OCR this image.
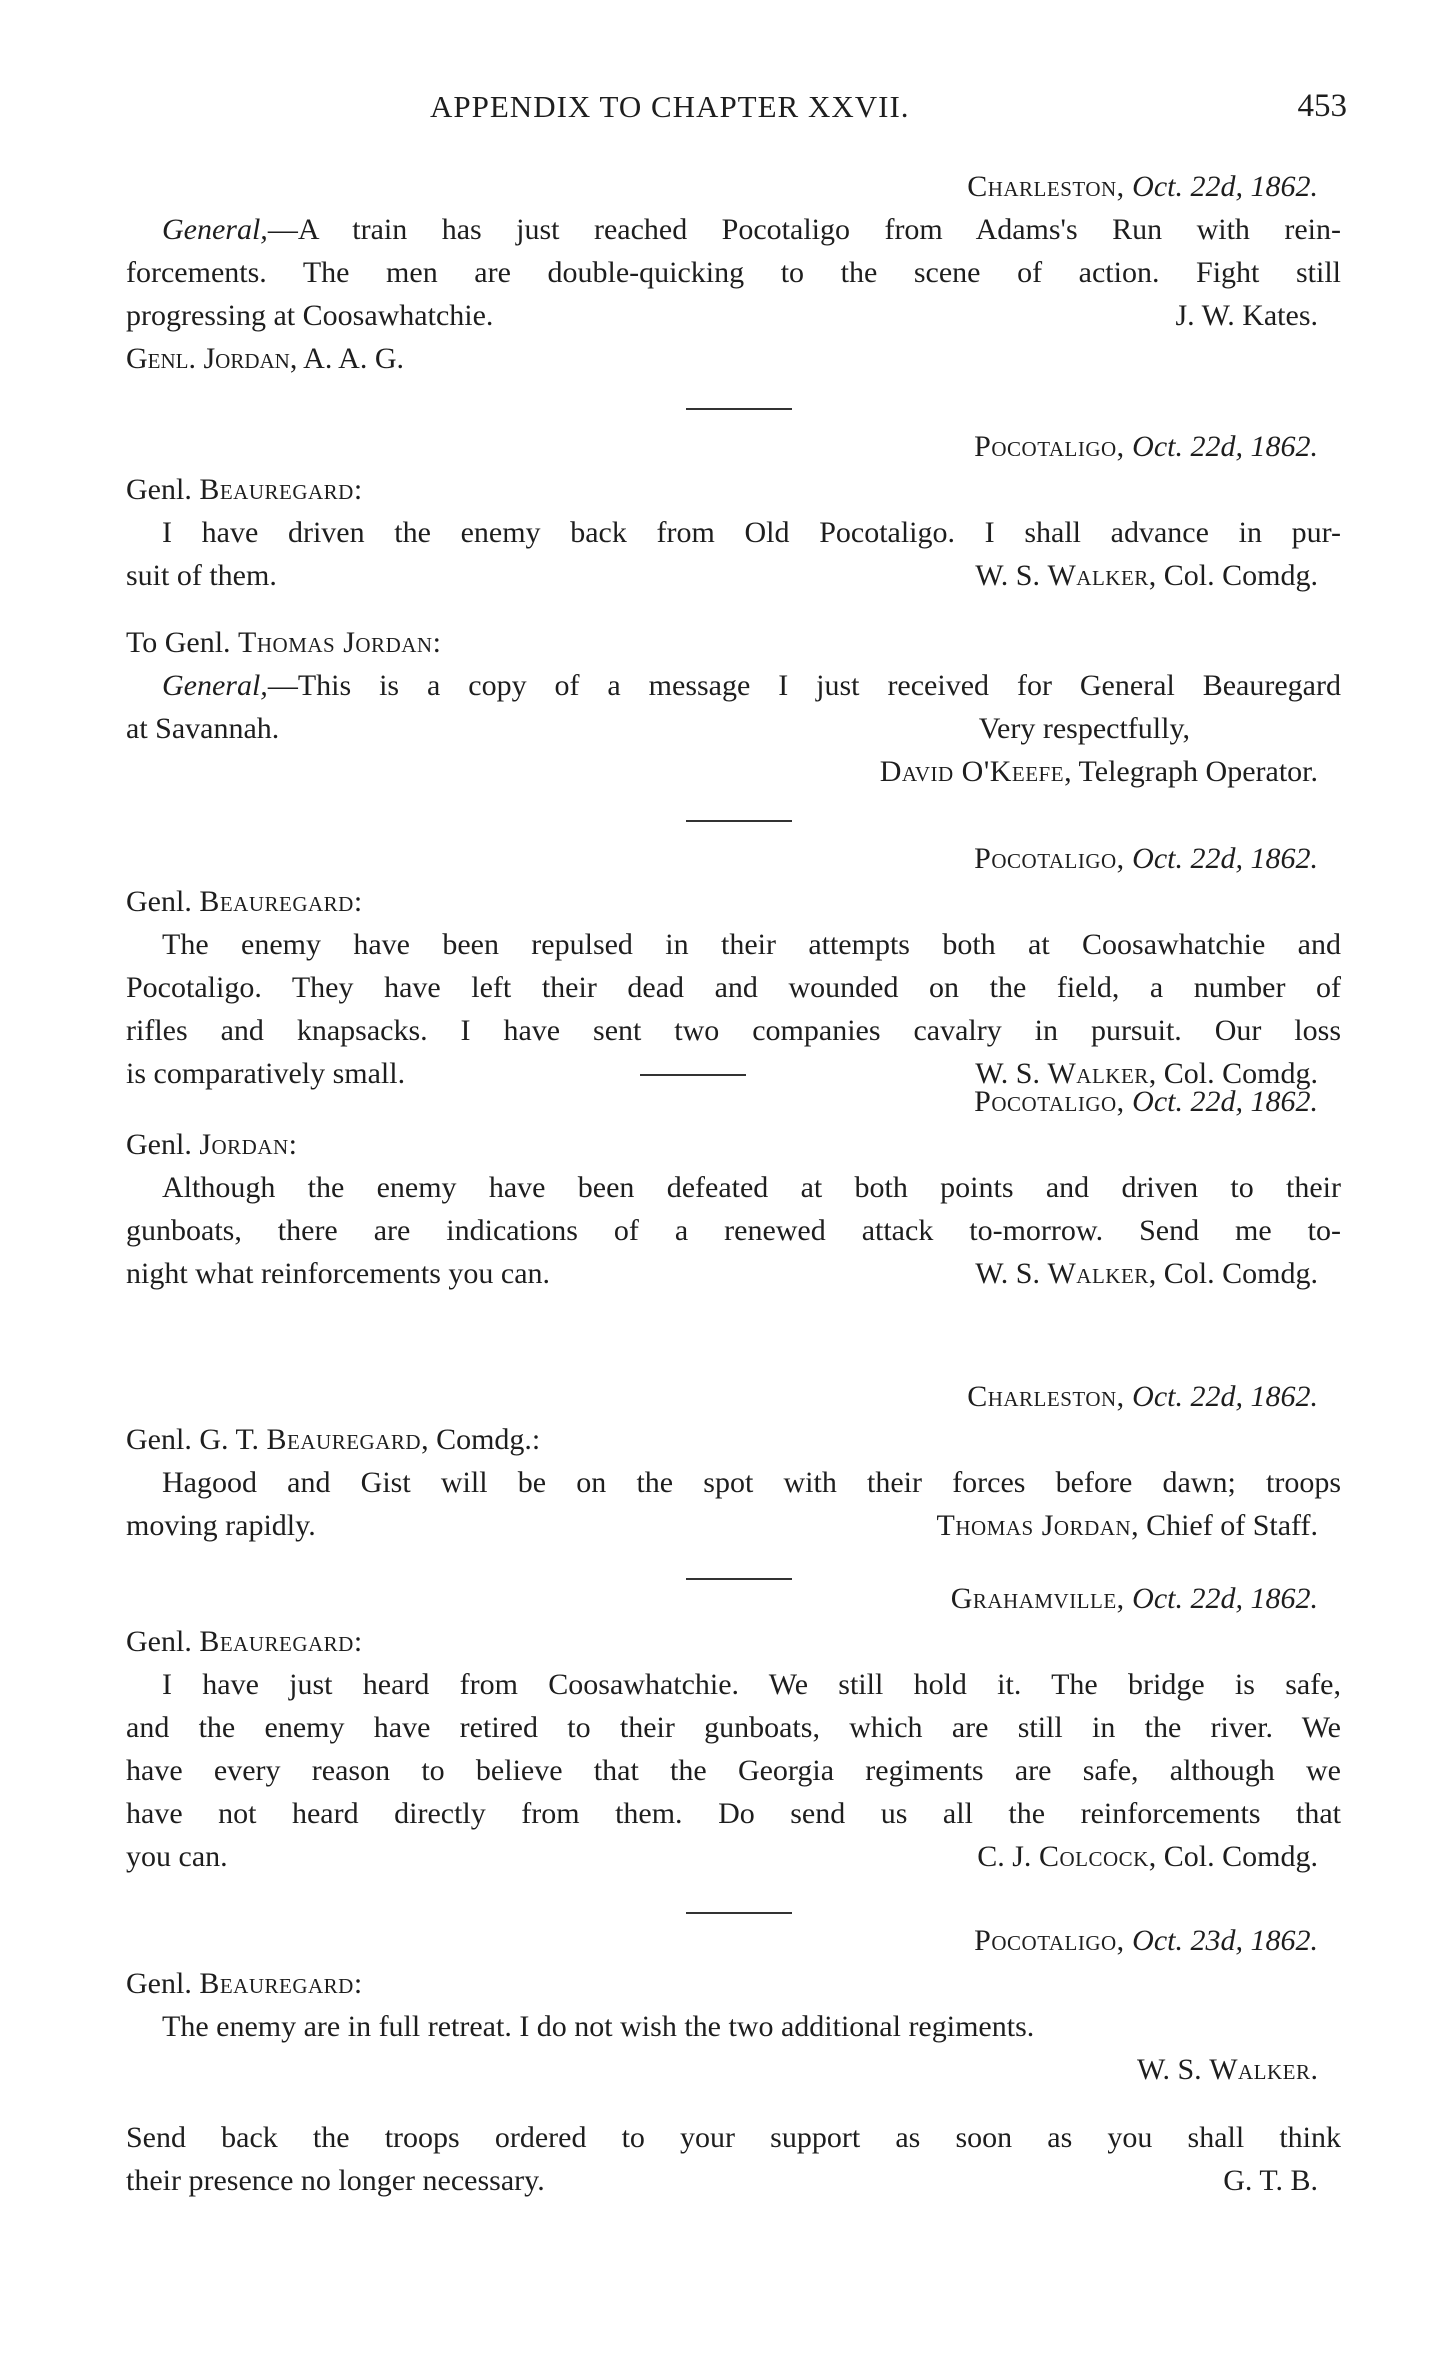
APPENDIX TO CHAPTER XXVII.	453
Charleston, Oct. 22d, 1862.
General,—A train has just reached Pocotaligo from Adams's Run with rein-
forcements. The men are double-quicking to the scene of action. Fight still
progressing at Coosawhatchie.	J. W. Kates.
Genl. Jordan, A. A. G.
Pocotaligo, Oct. 22d, 1862.
Genl. Beauregard:
I have driven the enemy back from Old Pocotaligo. I shall advance in pur-
suit of them.	W. S. Walker, Col. Comdg.
To Genl. Thomas Jordan:
General,—This is a copy of a message I just received for General Beauregard
at Savannah.	Very respectfully,
David O'Keefe, Telegraph Operator.
Pocotaligo, Oct. 22d, 1862.
Genl. Beauregard:
The enemy have been repulsed in their attempts both at Coosawhatchie and
Pocotaligo. They have left their dead and wounded on the field, a number of
rifles and knapsacks. I have sent two companies cavalry in pursuit. Our loss
is comparatively small.	W. S. Walker, Col. Comdg.
Pocotaligo, Oct. 22d, 1862.
Genl. Jordan:
Although the enemy have been defeated at both points and driven to their
gunboats, there are indications of a renewed attack to-morrow. Send me to-
night what reinforcements you can.	W. S. Walker, Col. Comdg.
Charleston, Oct. 22d, 1862.
Genl. G. T. Beauregard, Comdg.:
Hagood and Gist will be on the spot with their forces before dawn; troops
moving rapidly.	Thomas Jordan, Chief of Staff.
Grahamville, Oct. 22d, 1862.
Genl. Beauregard:
I have just heard from Coosawhatchie. We still hold it. The bridge is safe,
and the enemy have retired to their gunboats, which are still in the river. We
have every reason to believe that the Georgia regiments are safe, although we
have not heard directly from them. Do send us all the reinforcements that
you can.	C. J. Colcock, Col. Comdg.
Pocotaligo, Oct. 23d, 1862.
Genl. Beauregard:
The enemy are in full retreat. I do not wish the two additional regiments.
W. S. Walker.
Send back the troops ordered to your support as soon as you shall think
their presence no longer necessary.	G. T. B.
